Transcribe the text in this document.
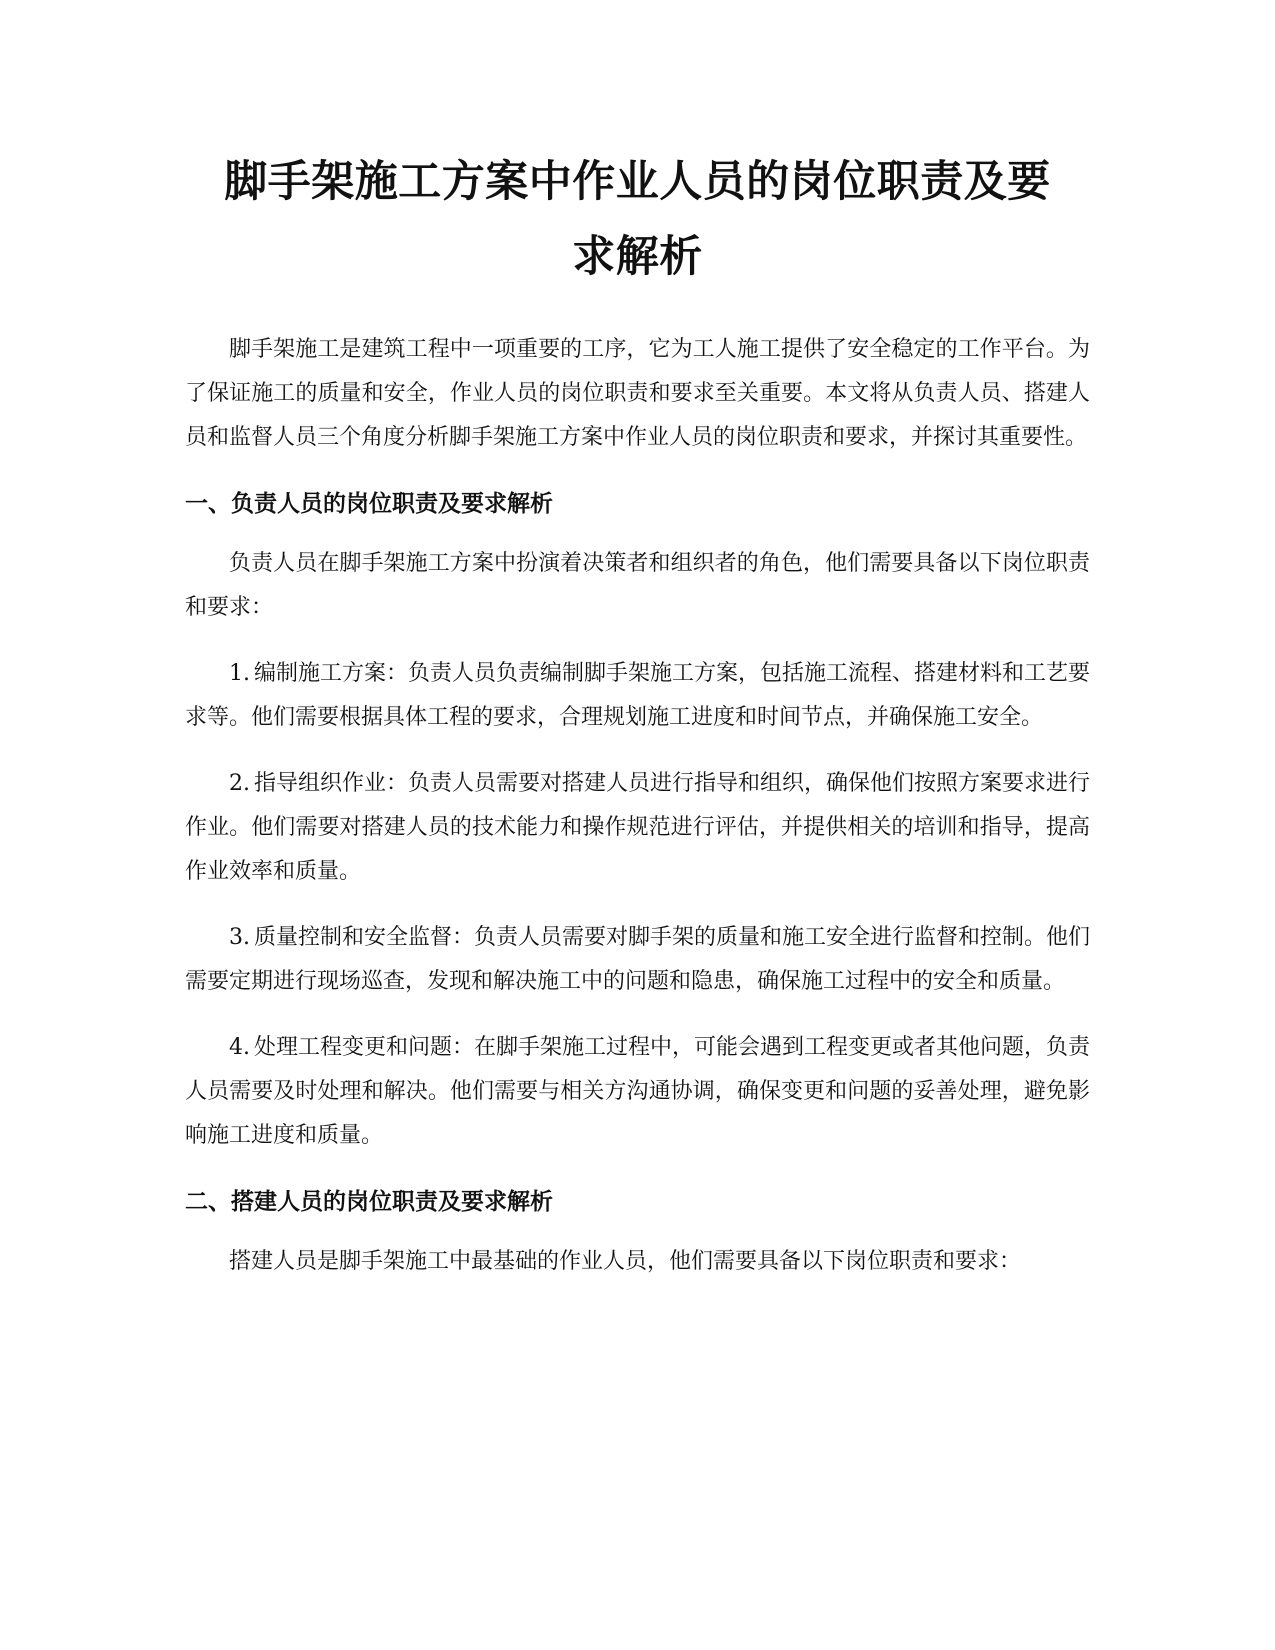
脚手架施工方案中作业人员的岗位职责及要
求解析

脚手架施工是建筑工程中一项重要的工序，它为工人施工提供了安全稳定的工作平台。为了保证施工的质量和安全，作业人员的岗位职责和要求至关重要。本文将从负责人员、搭建人员和监督人员三个角度分析脚手架施工方案中作业人员的岗位职责和要求，并探讨其重要性。

一、负责人员的岗位职责及要求解析

负责人员在脚手架施工方案中扮演着决策者和组织者的角色，他们需要具备以下岗位职责和要求：

1. 编制施工方案：负责人员负责编制脚手架施工方案，包括施工流程、搭建材料和工艺要求等。他们需要根据具体工程的要求，合理规划施工进度和时间节点，并确保施工安全。

2. 指导组织作业：负责人员需要对搭建人员进行指导和组织，确保他们按照方案要求进行作业。他们需要对搭建人员的技术能力和操作规范进行评估，并提供相关的培训和指导，提高作业效率和质量。

3. 质量控制和安全监督：负责人员需要对脚手架的质量和施工安全进行监督和控制。他们需要定期进行现场巡查，发现和解决施工中的问题和隐患，确保施工过程中的安全和质量。

4. 处理工程变更和问题：在脚手架施工过程中，可能会遇到工程变更或者其他问题，负责人员需要及时处理和解决。他们需要与相关方沟通协调，确保变更和问题的妥善处理，避免影响施工进度和质量。

二、搭建人员的岗位职责及要求解析

搭建人员是脚手架施工中最基础的作业人员，他们需要具备以下岗位职责和要求：
